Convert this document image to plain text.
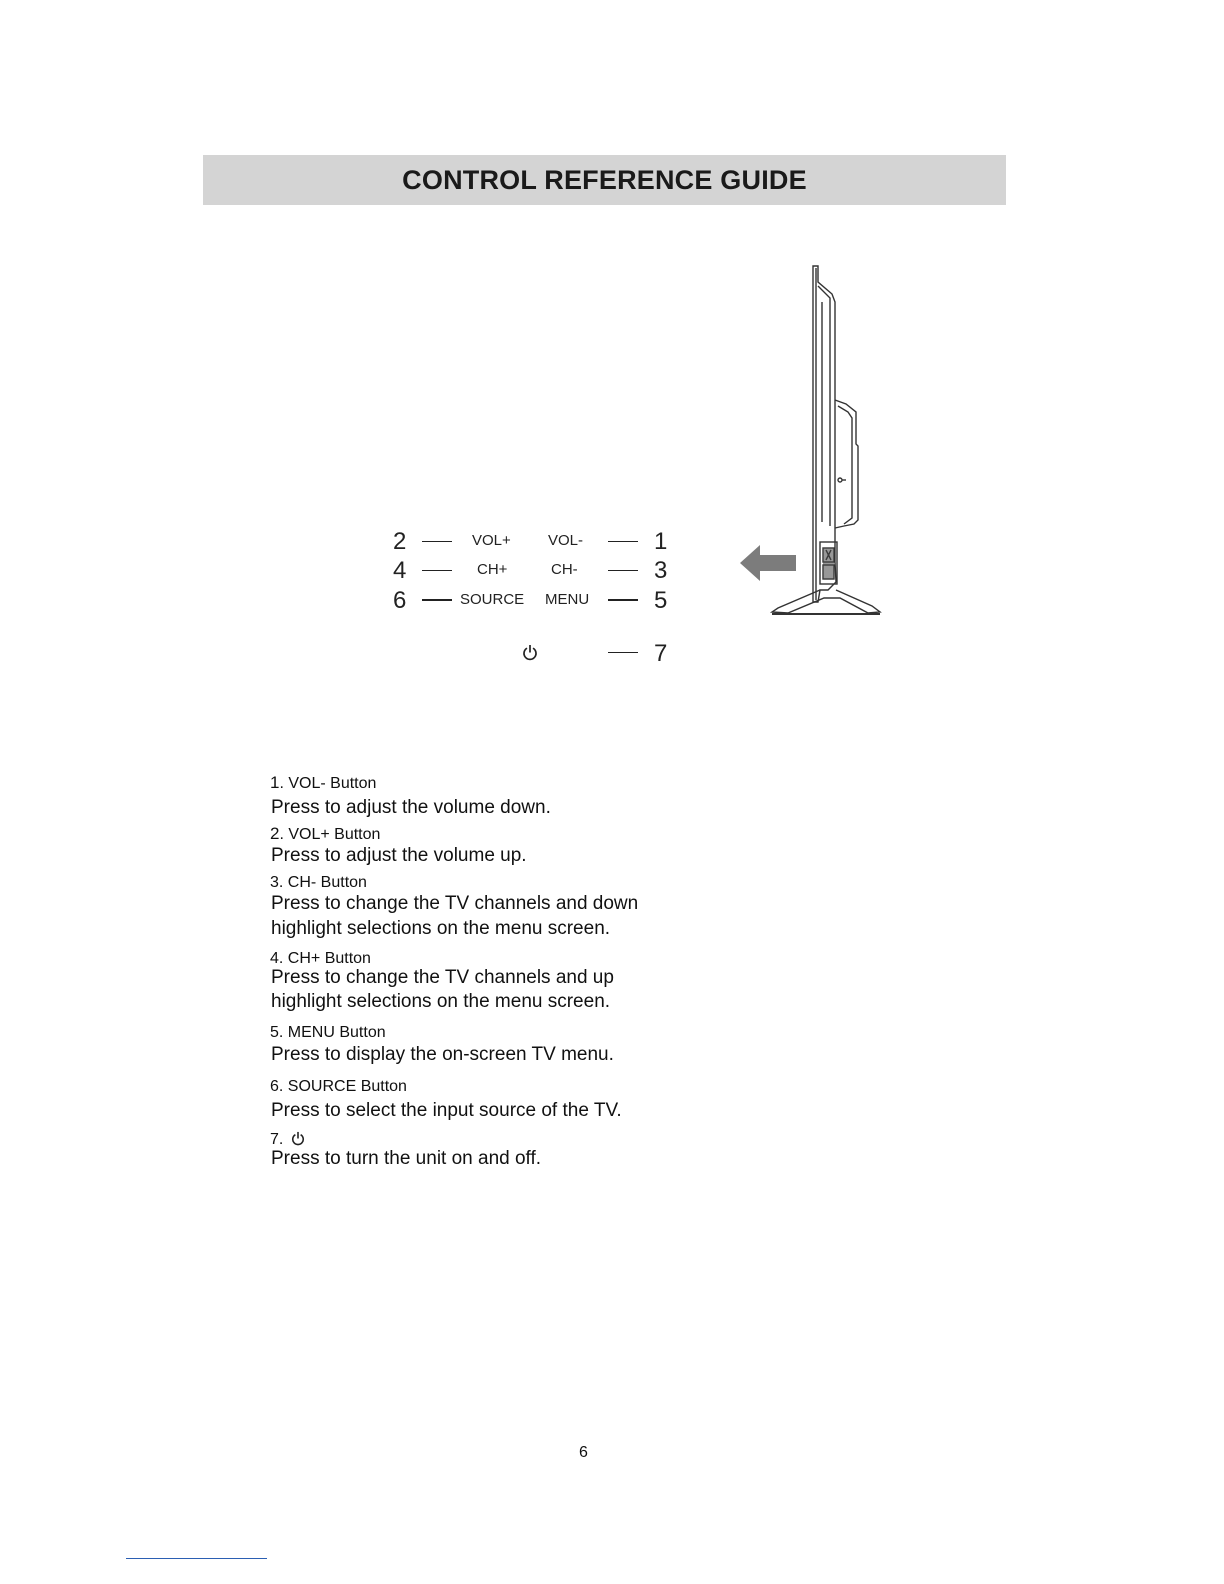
CONTROL REFERENCE GUIDE
2	VOL+ VOL-	1
4	CH+	CH-	3
6	SOURCE MENU	5
7
1. VOL- Button
Press to adjust the volume down.
2. VOL+ Button
Press to adjust the volume up.
3. CH- Button
Press to change the TV channels and down
highlight selections on the menu screen.
4. CH+ Button
Press to change the TV channels and up
highlight selections on the menu screen.
5. MENU Button
Press to display the on-screen TV menu.
6. SOURCE Button
Press to select the input source of the TV.
7.
Press to turn the unit on and off.
6
